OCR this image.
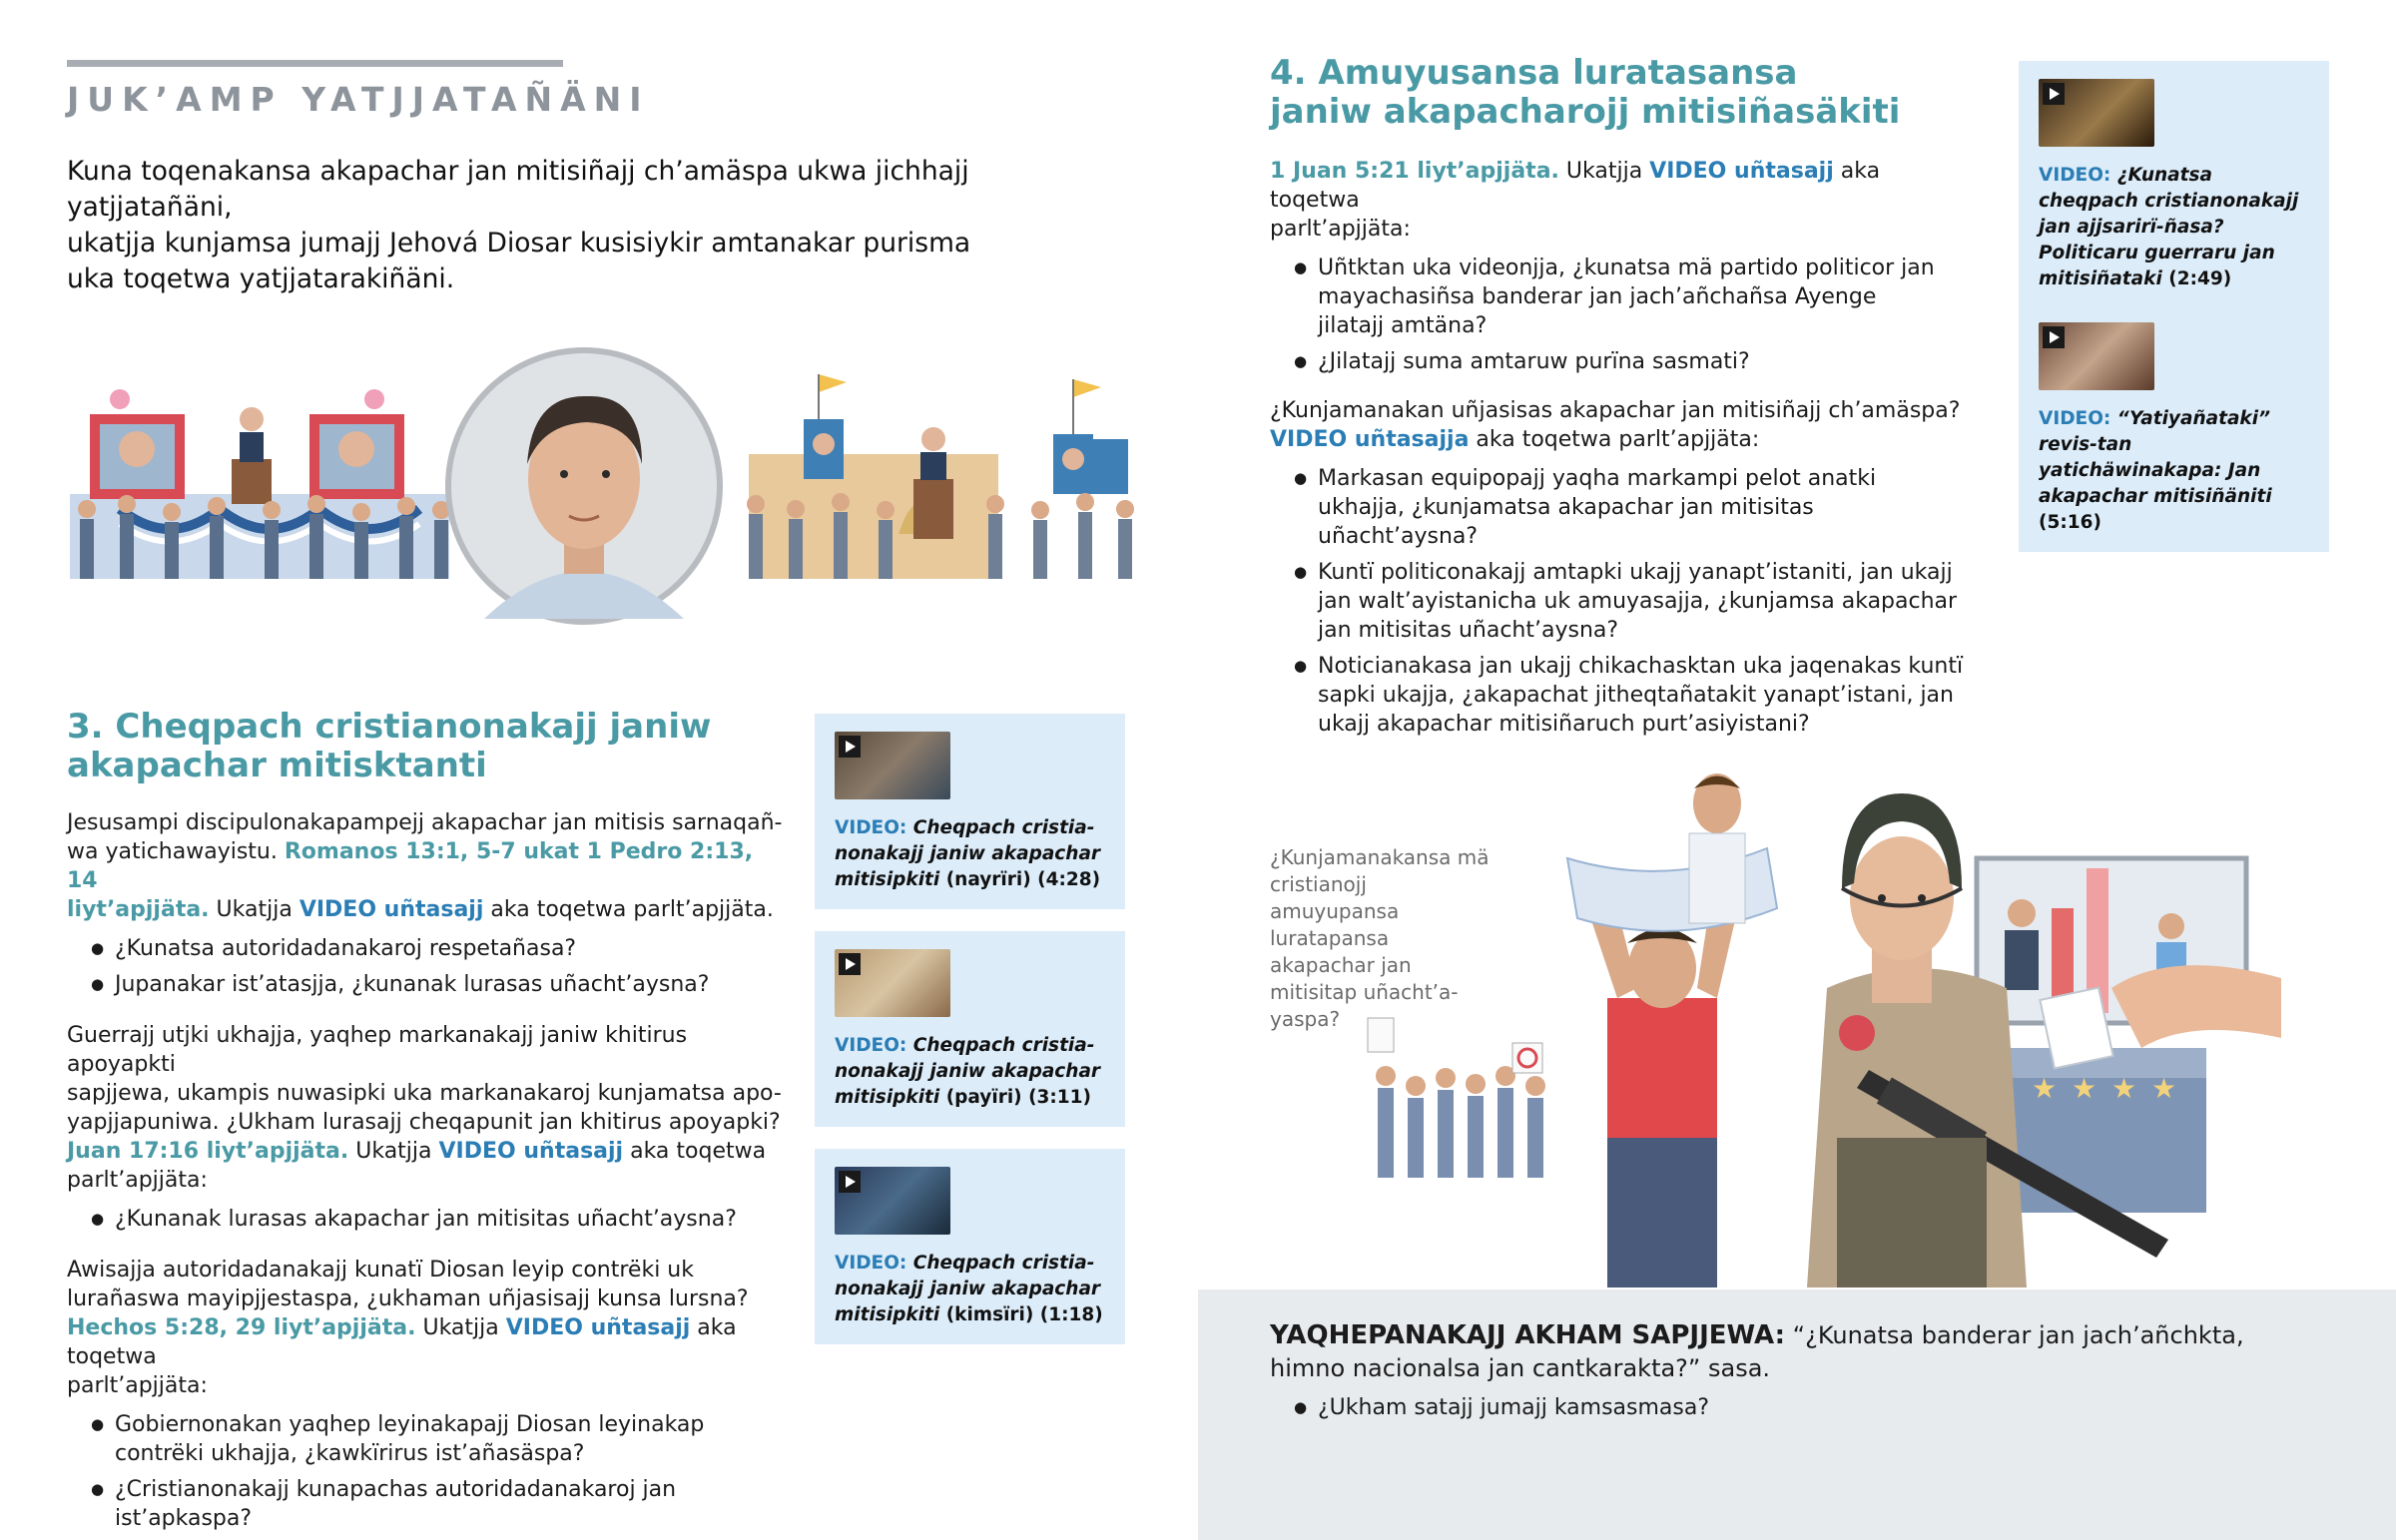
JUK’AMP YATJJATAÑÄNI
Kuna toqenakansa akapachar jan mitisiñajj ch’amäspa ukwa jichhajj yatjjatañäni,
ukatjja kunjamsa jumajj Jehová Diosar kusisiykir amtanakar purisma
uka toqetwa yatjjatarakiñäni.
3. Cheqpach cristianonakajj janiw
akapachar mitisktanti
Jesusampi discipulonakapampejj akapachar jan mitisis sarnaqañ-
wa yatichawayistu. Romanos 13:1, 5-7 ukat 1 Pedro 2:13, 14
liyt’apjjäta. Ukatjja VIDEO uñtasajj aka toqetwa parlt’apjjäta.
● ¿Kunatsa autoridadanakaroj respetañasa?
● Jupanakar ist’atasjja, ¿kunanak lurasas uñacht’aysna?
Guerrajj utjki ukhajja, yaqhep markanakajj janiw khitirus apoyapkti
sapjjewa, ukampis nuwasipki uka markanakaroj kunjamatsa apo-
yapjjapuniwa. ¿Ukham lurasajj cheqapunit jan khitirus apoyapki?
Juan 17:16 liyt’apjjäta. Ukatjja VIDEO uñtasajj aka toqetwa
parlt’apjjäta:
● ¿Kunanak lurasas akapachar jan mitisitas uñacht’aysna?
Awisajja autoridadanakajj kunatï Diosan leyip contrëki uk
lurañaswa mayipjjestaspa, ¿ukhaman uñjasisajj kunsa lursna?
Hechos 5:28, 29 liyt’apjjäta. Ukatjja VIDEO uñtasajj aka toqetwa
parlt’apjjäta:
● Gobiernonakan yaqhep leyinakapajj Diosan leyinakap contrëki ukhajja, ¿kawkïrirus ist’añasäspa?
● ¿Cristianonakajj kunapachas autoridadanakaroj jan ist’apkaspa?
VIDEO: Cheqpach cristia-nonakajj janiw akapachar mitisipkiti (nayrïri) (4:28)
VIDEO: Cheqpach cristia-nonakajj janiw akapachar mitisipkiti (payïri) (3:11)
VIDEO: Cheqpach cristia-nonakajj janiw akapachar mitisipkiti (kimsïri) (1:18)
4. Amuyusansa luratasansa
janiw akapacharojj mitisiñasäkiti
1 Juan 5:21 liyt’apjjäta. Ukatjja VIDEO uñtasajj aka toqetwa
parlt’apjjäta:
● Uñtktan uka videonjja, ¿kunatsa mä partido politicor jan mayachasiñsa banderar jan jach’añchañsa Ayenge jilatajj amtäna?
● ¿Jilatajj suma amtaruw purïna sasmati?
¿Kunjamanakan uñjasisas akapachar jan mitisiñajj ch’amäspa?
VIDEO uñtasajja aka toqetwa parlt’apjjäta:
● Markasan equipopajj yaqha markampi pelot anatki ukhajja, ¿kunjamatsa akapachar jan mitisitas uñacht’aysna?
● Kuntï politiconakajj amtapki ukajj yanapt’istaniti, jan ukajj jan walt’ayistanicha uk amuyasajja, ¿kunjamsa akapachar jan mitisitas uñacht’aysna?
● Noticianakasa jan ukajj chikachasktan uka jaqenakas kuntï sapki ukajja, ¿akapachat jitheqtañatakit yanapt’istani, jan ukajj akapachar mitisiñaruch purt’asiyistani?
VIDEO: ¿Kunatsa cheqpach cristianonakajj jan ajjsarirï-ñasa? Politicaru guerraru jan mitisiñataki (2:49)
VIDEO: “Yatiyañataki” revis-tan yatichäwinakapa: Jan akapachar mitisiñäniti (5:16)
★ ★ ★ ★
¿Kunjamanakansa mä cristianojj amuyupansa luratapansa akapachar jan mitisitap uñacht’a-yaspa?
YAQHEPANAKAJJ AKHAM SAPJJEWA: “¿Kunatsa banderar jan jach’añchkta,
himno nacionalsa jan cantkarakta?” sasa.
● ¿Ukham satajj jumajj kamsasmasa?
